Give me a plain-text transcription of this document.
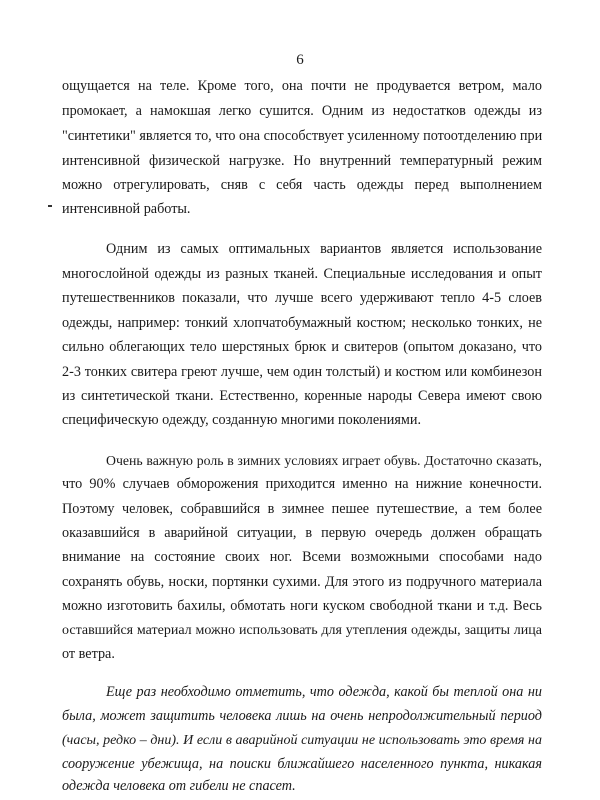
6
ощущается на теле. Кроме того, она почти не продувается ветром, мало
промокает, а намокшая легко сушится. Одним из недостатков одежды из
"синтетики" является то, что она способствует усиленному потоотделению при
интенсивной физической нагрузке. Но внутренний температурный режим
можно отрегулировать, сняв с себя часть одежды перед выполнением
интенсивной работы.
Одним из самых оптимальных вариантов является использование
многослойной одежды из разных тканей. Специальные исследования и опыт
путешественников показали, что лучше всего удерживают тепло 4-5 слоев
одежды, например: тонкий хлопчатобумажный костюм; несколько тонких, не
сильно облегающих тело шерстяных брюк и свитеров (опытом доказано, что
2-3 тонких свитера греют лучше, чем один толстый) и костюм или комбинезон
из синтетической ткани. Естественно, коренные народы Севера имеют свою
специфическую одежду, созданную многими поколениями.
Очень важную роль в зимних условиях играет обувь. Достаточно сказать,
что 90% случаев обморожения приходится именно на нижние конечности.
Поэтому человек, собравшийся в зимнее пешее путешествие, а тем более
оказавшийся в аварийной ситуации, в первую очередь должен обращать
внимание на состояние своих ног. Всеми возможными способами надо
сохранять обувь, носки, портянки сухими. Для этого из подручного материала
можно изготовить бахилы, обмотать ноги куском свободной ткани и т.д. Весь
оставшийся материал можно использовать для утепления одежды, защиты лица
от ветра.
Еще раз необходимо отметить, что одежда, какой бы теплой она ни
была, может защитить человека лишь на очень непродолжительный период
(часы, редко – дни). И если в аварийной ситуации не использовать это время на
сооружение убежища, на поиски ближайшего населенного пункта, никакая
одежда человека от гибели не спасет.
